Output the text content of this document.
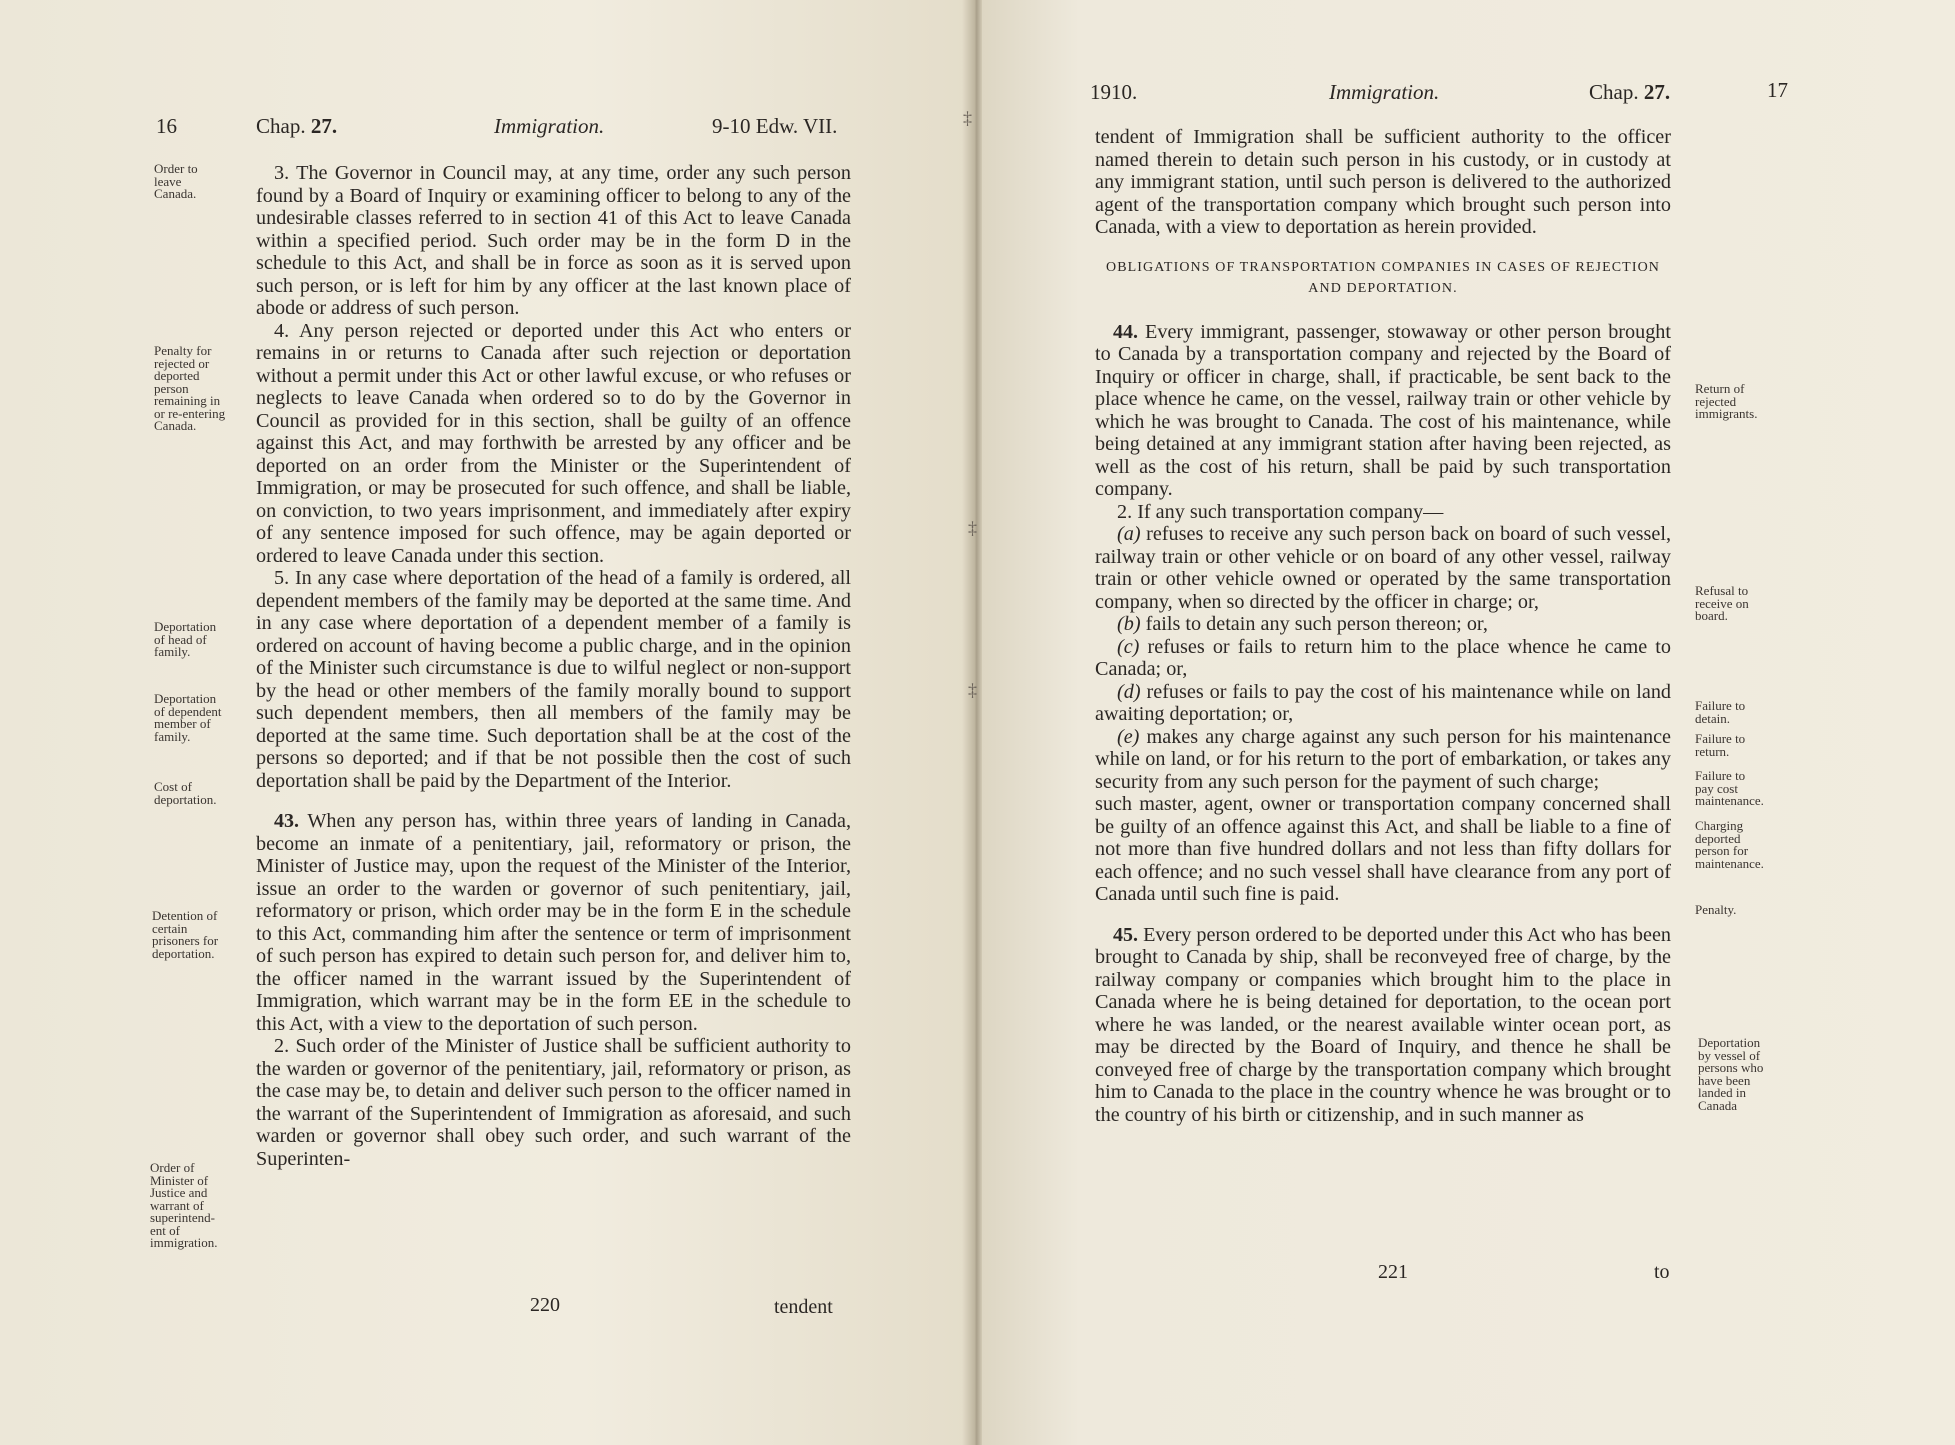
16	Chap. 27.	Immigration.	9-10 Edw. VII.

3. The Governor in Council may, at any time, order any such person found by a Board of Inquiry or examining officer to belong to any of the undesirable classes referred to in section 41 of this Act to leave Canada within a specified period. Such order may be in the form D in the schedule to this Act, and shall be in force as soon as it is served upon such person, or is left for him by any officer at the last known place of abode or address of such person.

4. Any person rejected or deported under this Act who enters or remains in or returns to Canada after such rejection or deportation without a permit under this Act or other lawful excuse, or who refuses or neglects to leave Canada when ordered so to do by the Governor in Council as provided for in this section, shall be guilty of an offence against this Act, and may forthwith be arrested by any officer and be deported on an order from the Minister or the Superintendent of Immigration, or may be prosecuted for such offence, and shall be liable, on conviction, to two years imprisonment, and immediately after expiry of any sentence imposed for such offence, may be again deported or ordered to leave Canada under this section.

5. In any case where deportation of the head of a family is ordered, all dependent members of the family may be deported at the same time. And in any case where deportation of a dependent member of a family is ordered on account of having become a public charge, and in the opinion of the Minister such circumstance is due to wilful neglect or non-support by the head or other members of the family morally bound to support such dependent members, then all members of the family may be deported at the same time. Such deportation shall be at the cost of the persons so deported; and if that be not possible then the cost of such deportation shall be paid by the Department of the Interior.

43. When any person has, within three years of landing in Canada, become an inmate of a penitentiary, jail, reformatory or prison, the Minister of Justice may, upon the request of the Minister of the Interior, issue an order to the warden or governor of such penitentiary, jail, reformatory or prison, which order may be in the form E in the schedule to this Act, commanding him after the sentence or term of imprisonment of such person has expired to detain such person for, and deliver him to, the officer named in the warrant issued by the Superintendent of Immigration, which warrant may be in the form EE in the schedule to this Act, with a view to the deportation of such person.

2. Such order of the Minister of Justice shall be sufficient authority to the warden or governor of the penitentiary, jail, reformatory or prison, as the case may be, to detain and deliver such person to the officer named in the warrant of the Superintendent of Immigration as aforesaid, and such warden or governor shall obey such order, and such warrant of the Superinten-

220	tendent
Order to
leave
Canada.
Penalty for
rejected or
deported
person
remaining in
or re-entering
Canada.
Deportation
of head of
family.
Deportation
of dependent
member of
family.
Cost of
deportation.
Detention of
certain
prisoners for
deportation.
Order of
Minister of
Justice and
warrant of
superintend-
ent of
immigration.
‡
‡
‡
1910.	Immigration.	Chap. 27.	17

tendent of Immigration shall be sufficient authority to the officer named therein to detain such person in his custody, or in custody at any immigrant station, until such person is delivered to the authorized agent of the transportation company which brought such person into Canada, with a view to deportation as herein provided.

OBLIGATIONS OF TRANSPORTATION COMPANIES IN CASES OF REJECTION AND DEPORTATION.

44. Every immigrant, passenger, stowaway or other person brought to Canada by a transportation company and rejected by the Board of Inquiry or officer in charge, shall, if practicable, be sent back to the place whence he came, on the vessel, railway train or other vehicle by which he was brought to Canada. The cost of his maintenance, while being detained at any immigrant station after having been rejected, as well as the cost of his return, shall be paid by such transportation company.

2. If any such transportation company—

(a) refuses to receive any such person back on board of such vessel, railway train or other vehicle or on board of any other vessel, railway train or other vehicle owned or operated by the same transportation company, when so directed by the officer in charge; or,

(b) fails to detain any such person thereon; or,

(c) refuses or fails to return him to the place whence he came to Canada; or,

(d) refuses or fails to pay the cost of his maintenance while on land awaiting deportation; or,

(e) makes any charge against any such person for his maintenance while on land, or for his return to the port of embarkation, or takes any security from any such person for the payment of such charge;

such master, agent, owner or transportation company concerned shall be guilty of an offence against this Act, and shall be liable to a fine of not more than five hundred dollars and not less than fifty dollars for each offence; and no such vessel shall have clearance from any port of Canada until such fine is paid.

45. Every person ordered to be deported under this Act who has been brought to Canada by ship, shall be reconveyed free of charge, by the railway company or companies which brought him to the place in Canada where he is being detained for deportation, to the ocean port where he was landed, or the nearest available winter ocean port, as may be directed by the Board of Inquiry, and thence he shall be conveyed free of charge by the transportation company which brought him to Canada to the place in the country whence he was brought or to the country of his birth or citizenship, and in such manner as

221	to
Return of
rejected
immigrants.
Refusal to
receive on
board.
Failure to
detain.
Failure to
return.
Failure to
pay cost
maintenance.
Charging
deported
person for
maintenance.
Penalty.
Deportation
by vessel of
persons who
have been
landed in
Canada
